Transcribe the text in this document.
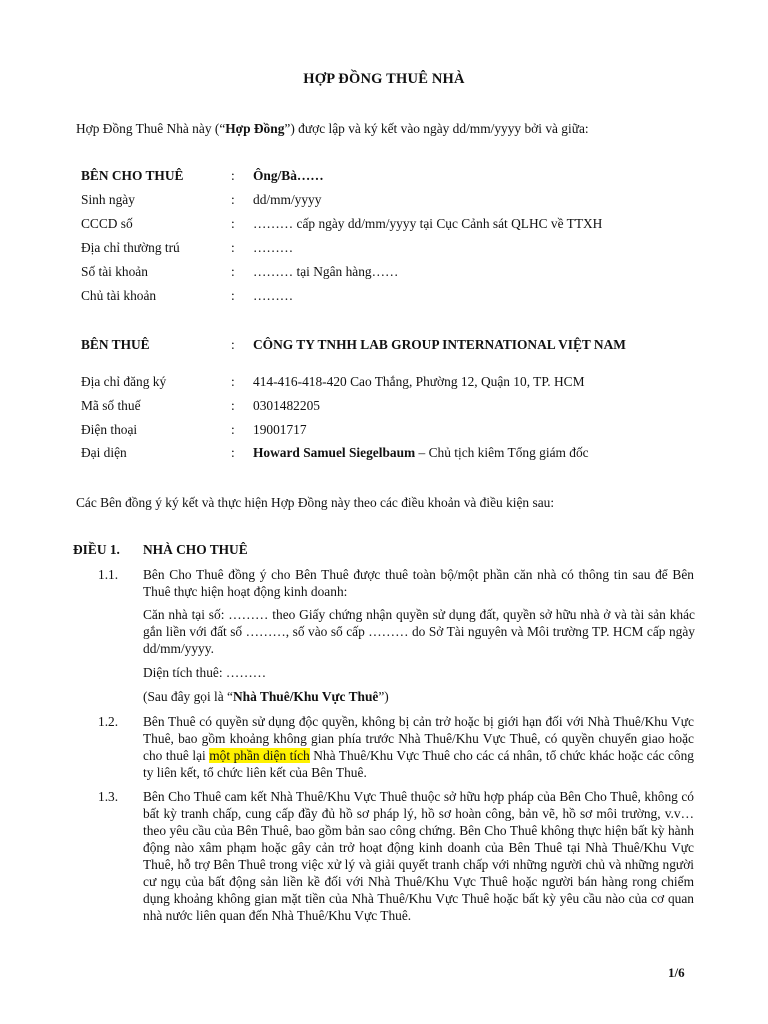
HỢP ĐỒNG THUÊ NHÀ
Hợp Đồng Thuê Nhà này (“Hợp Đồng”) được lập và ký kết vào ngày dd/mm/yyyy bởi và giữa:
BÊN CHO THUÊ	:	Ông/Bà……
Sinh ngày	:	dd/mm/yyyy
CCCD số	:	……… cấp ngày dd/mm/yyyy tại Cục Cảnh sát QLHC về TTXH
Địa chỉ thường trú	:	………
Số tài khoản	:	……… tại Ngân hàng……
Chủ tài khoản	:	………
BÊN THUÊ	:	CÔNG TY TNHH LAB GROUP INTERNATIONAL VIỆT NAM
Địa chỉ đăng ký	:	414-416-418-420 Cao Thắng, Phường 12, Quận 10, TP. HCM
Mã số thuế	:	0301482205
Điện thoại	:	19001717
Đại diện	:	Howard Samuel Siegelbaum – Chủ tịch kiêm Tổng giám đốc
Các Bên đồng ý ký kết và thực hiện Hợp Đồng này theo các điều khoản và điều kiện sau:
ĐIỀU 1. NHÀ CHO THUÊ
1.1.	Bên Cho Thuê đồng ý cho Bên Thuê được thuê toàn bộ/một phần căn nhà có thông tin sau để Bên Thuê thực hiện hoạt động kinh doanh:
Căn nhà tại số: ……… theo Giấy chứng nhận quyền sử dụng đất, quyền sở hữu nhà ở và tài sản khác gắn liền với đất số ………, số vào sổ cấp ……… do Sở Tài nguyên và Môi trường TP. HCM cấp ngày dd/mm/yyyy.
Diện tích thuê: ………
(Sau đây gọi là “Nhà Thuê/Khu Vực Thuê”)
1.2.	Bên Thuê có quyền sử dụng độc quyền, không bị cản trở hoặc bị giới hạn đối với Nhà Thuê/Khu Vực Thuê, bao gồm khoảng không gian phía trước Nhà Thuê/Khu Vực Thuê, có quyền chuyển giao hoặc cho thuê lại một phần diện tích Nhà Thuê/Khu Vực Thuê cho các cá nhân, tổ chức khác hoặc các công ty liên kết, tổ chức liên kết của Bên Thuê.
1.3.	Bên Cho Thuê cam kết Nhà Thuê/Khu Vực Thuê thuộc sở hữu hợp pháp của Bên Cho Thuê, không có bất kỳ tranh chấp, cung cấp đầy đủ hồ sơ pháp lý, hồ sơ hoàn công, bản vẽ, hồ sơ môi trường, v.v… theo yêu cầu của Bên Thuê, bao gồm bản sao công chứng. Bên Cho Thuê không thực hiện bất kỳ hành động nào xâm phạm hoặc gây cản trở hoạt động kinh doanh của Bên Thuê tại Nhà Thuê/Khu Vực Thuê, hỗ trợ Bên Thuê trong việc xử lý và giải quyết tranh chấp với những người chủ và những người cư ngụ của bất động sản liền kề đối với Nhà Thuê/Khu Vực Thuê hoặc người bán hàng rong chiếm dụng khoảng không gian mặt tiền của Nhà Thuê/Khu Vực Thuê hoặc bất kỳ yêu cầu nào của cơ quan nhà nước liên quan đến Nhà Thuê/Khu Vực Thuê.
1/6
